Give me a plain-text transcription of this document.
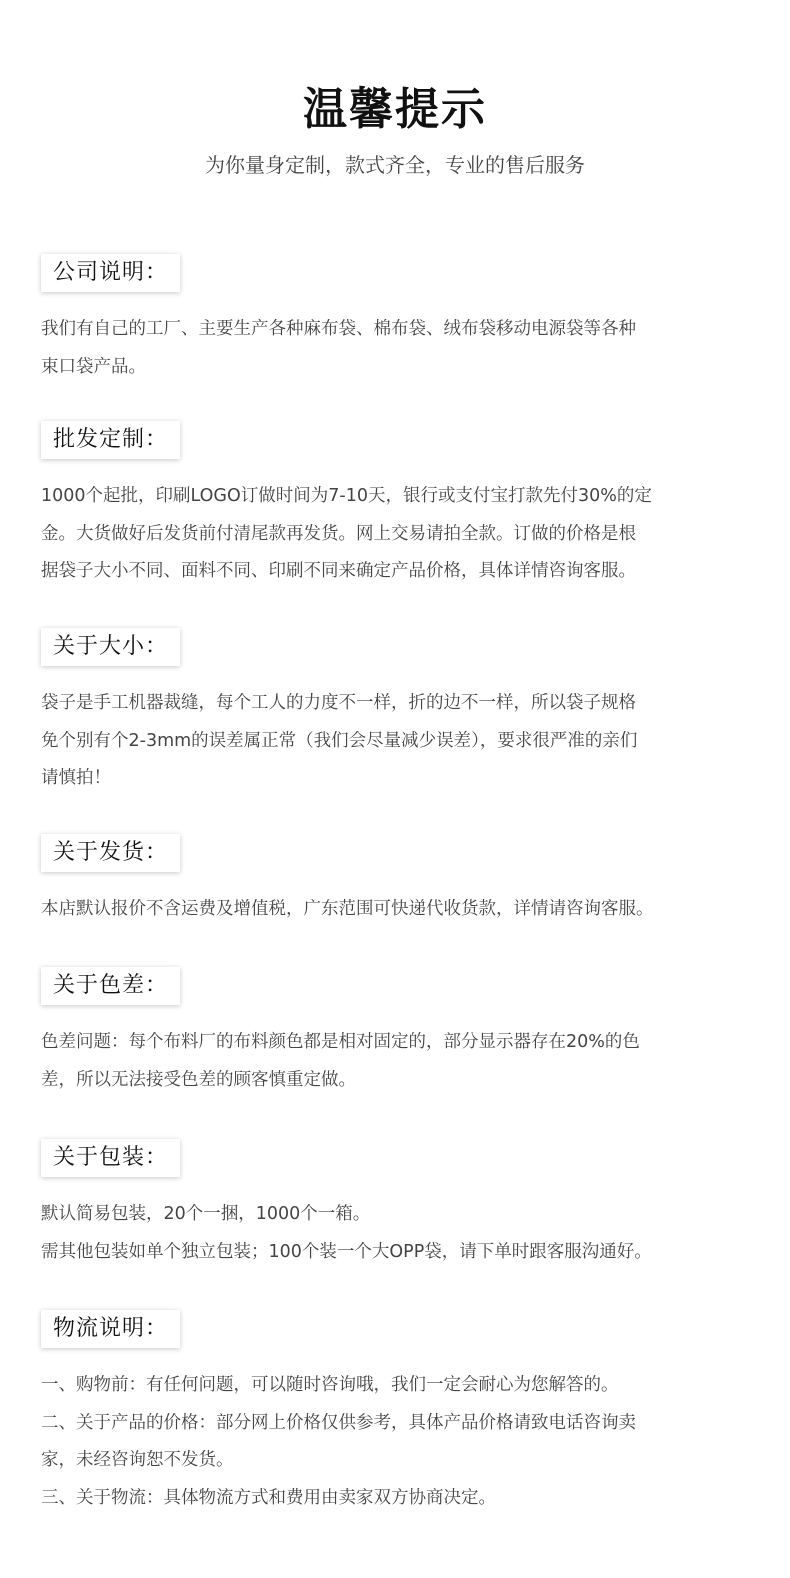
温馨提示
为你量身定制，款式齐全，专业的售后服务
公司说明：

我们有自己的工厂、主要生产各种麻布袋、棉布袋、绒布袋移动电源袋等各种

束口袋产品。

批发定制：

1000个起批，印刷LOGO订做时间为7-10天，银行或支付宝打款先付30%的定

金。大货做好后发货前付清尾款再发货。网上交易请拍全款。订做的价格是根

据袋子大小不同、面料不同、印刷不同来确定产品价格，具体详情咨询客服。

关于大小：

袋子是手工机器裁缝，每个工人的力度不一样，折的边不一样，所以袋子规格

免个别有个2-3mm的误差属正常（我们会尽量减少误差），要求很严准的亲们

请慎拍！

关于发货：

本店默认报价不含运费及增值税，广东范围可快递代收货款，详情请咨询客服。

关于色差：

色差问题：每个布料厂的布料颜色都是相对固定的，部分显示器存在20%的色

差，所以无法接受色差的顾客慎重定做。

关于包装：

默认简易包装，20个一捆，1000个一箱。

需其他包装如单个独立包装；100个装一个大OPP袋，请下单时跟客服沟通好。

物流说明：

一、购物前：有任何问题，可以随时咨询哦，我们一定会耐心为您解答的。

二、关于产品的价格：部分网上价格仅供参考，具体产品价格请致电话咨询卖

家，未经咨询恕不发货。

三、关于物流：具体物流方式和费用由卖家双方协商决定。
